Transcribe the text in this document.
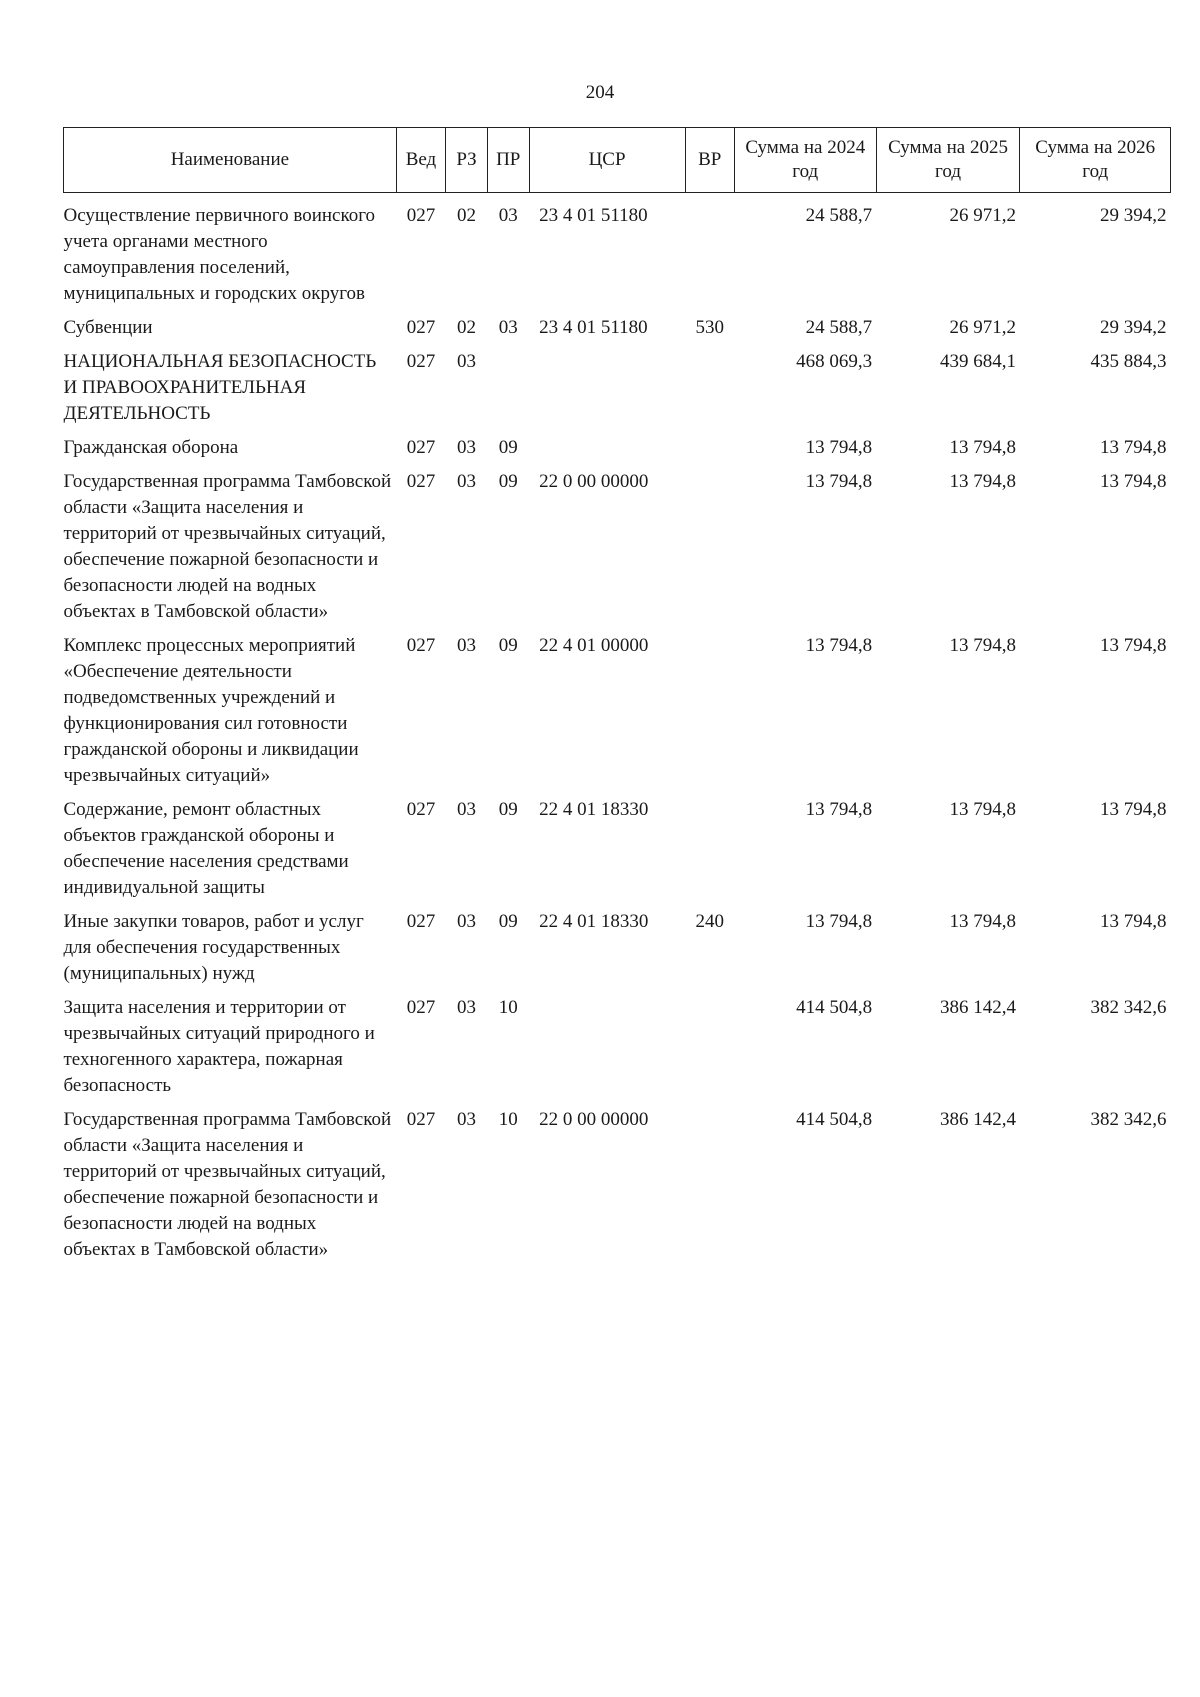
204
Наименование	Вед	РЗ	ПР	ЦСР	ВР	Сумма на 2024 год	Сумма на 2025 год	Сумма на 2026 год
Осуществление первичного воинского учета органами местного самоуправления поселений, муниципальных и городских округов	027	02	03	23 4 01 51180		24 588,7	26 971,2	29 394,2
Субвенции	027	02	03	23 4 01 51180	530	24 588,7	26 971,2	29 394,2
НАЦИОНАЛЬНАЯ БЕЗОПАСНОСТЬ И ПРАВООХРАНИТЕЛЬНАЯ ДЕЯТЕЛЬНОСТЬ	027	03				468 069,3	439 684,1	435 884,3
Гражданская оборона	027	03	09			13 794,8	13 794,8	13 794,8
Государственная программа Тамбовской области «Защита населения и территорий от чрезвычайных ситуаций, обеспечение пожарной безопасности и безопасности людей на водных объектах в Тамбовской области»	027	03	09	22 0 00 00000		13 794,8	13 794,8	13 794,8
Комплекс процессных мероприятий «Обеспечение деятельности подведомственных учреждений и функционирования сил готовности гражданской обороны и ликвидации чрезвычайных ситуаций»	027	03	09	22 4 01 00000		13 794,8	13 794,8	13 794,8
Содержание, ремонт областных объектов гражданской обороны и обеспечение населения средствами индивидуальной защиты	027	03	09	22 4 01 18330		13 794,8	13 794,8	13 794,8
Иные закупки товаров, работ и услуг для обеспечения государственных (муниципальных) нужд	027	03	09	22 4 01 18330	240	13 794,8	13 794,8	13 794,8
Защита населения и территории от чрезвычайных ситуаций природного и техногенного характера, пожарная безопасность	027	03	10			414 504,8	386 142,4	382 342,6
Государственная программа Тамбовской области «Защита населения и территорий от чрезвычайных ситуаций, обеспечение пожарной безопасности и безопасности людей на водных объектах в Тамбовской области»	027	03	10	22 0 00 00000		414 504,8	386 142,4	382 342,6
